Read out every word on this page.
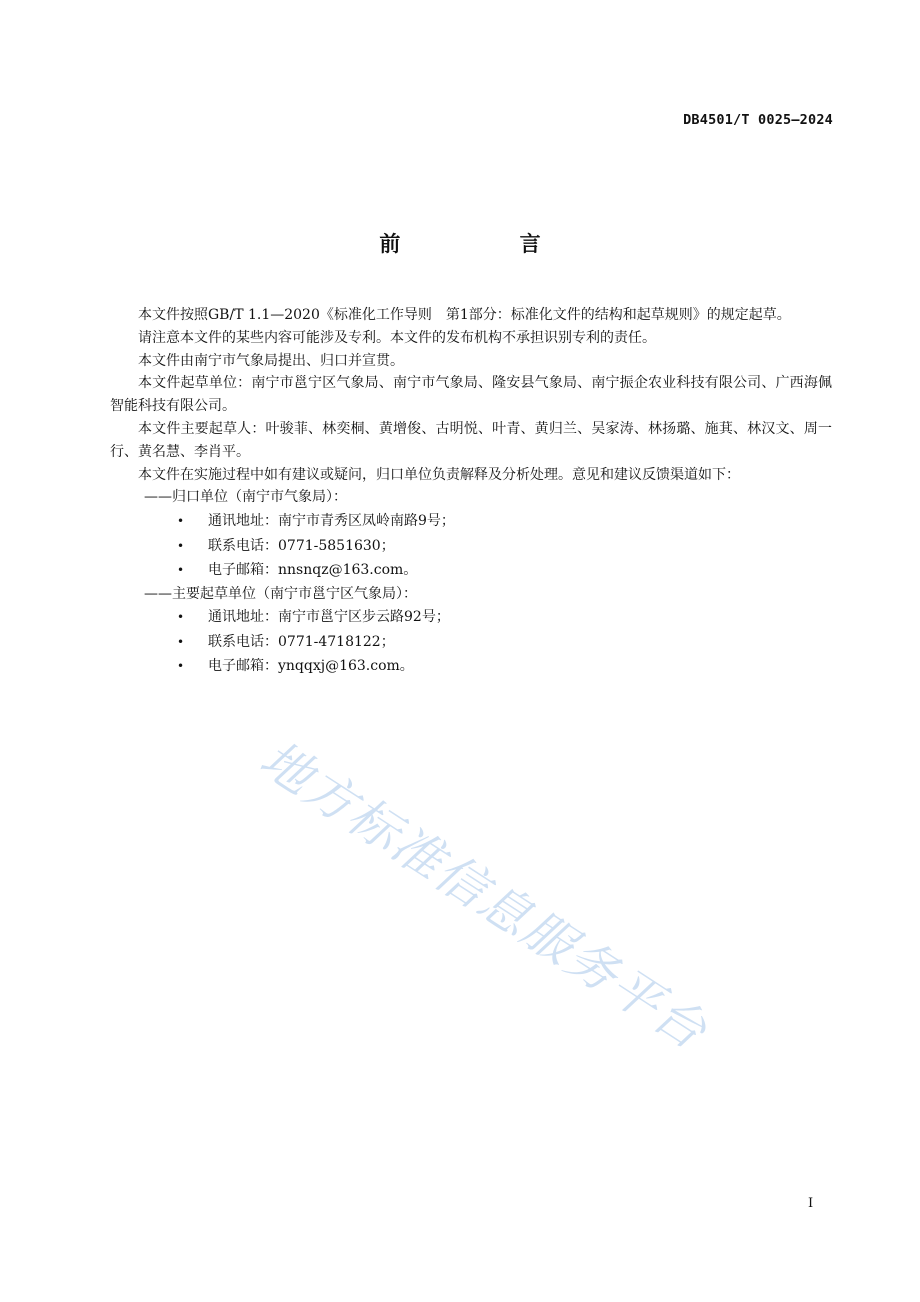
DB4501/T 0025—2024
前 言

本文件按照GB/T 1.1—2020《标准化工作导则　第1部分：标准化文件的结构和起草规则》的规定起草。

请注意本文件的某些内容可能涉及专利。本文件的发布机构不承担识别专利的责任。

本文件由南宁市气象局提出、归口并宣贯。

本文件起草单位：南宁市邕宁区气象局、南宁市气象局、隆安县气象局、南宁振企农业科技有限公司、广西海佩智能科技有限公司。

本文件主要起草人：叶骏菲、林奕桐、黄增俊、古明悦、叶青、黄归兰、吴家涛、林扬璐、施萁、林汉文、周一行、黄名慧、李肖平。

本文件在实施过程中如有建议或疑问，归口单位负责解释及分析处理。意见和建议反馈渠道如下：

——归口单位（南宁市气象局）：

• 通讯地址：南宁市青秀区凤岭南路9号；
• 联系电话：0771-5851630；
• 电子邮箱：nnsnqz@163.com。

——主要起草单位（南宁市邕宁区气象局）：

• 通讯地址：南宁市邕宁区步云路92号；
• 联系电话：0771-4718122；
• 电子邮箱：ynqqxj@163.com。
地方标准信息服务平台
I
